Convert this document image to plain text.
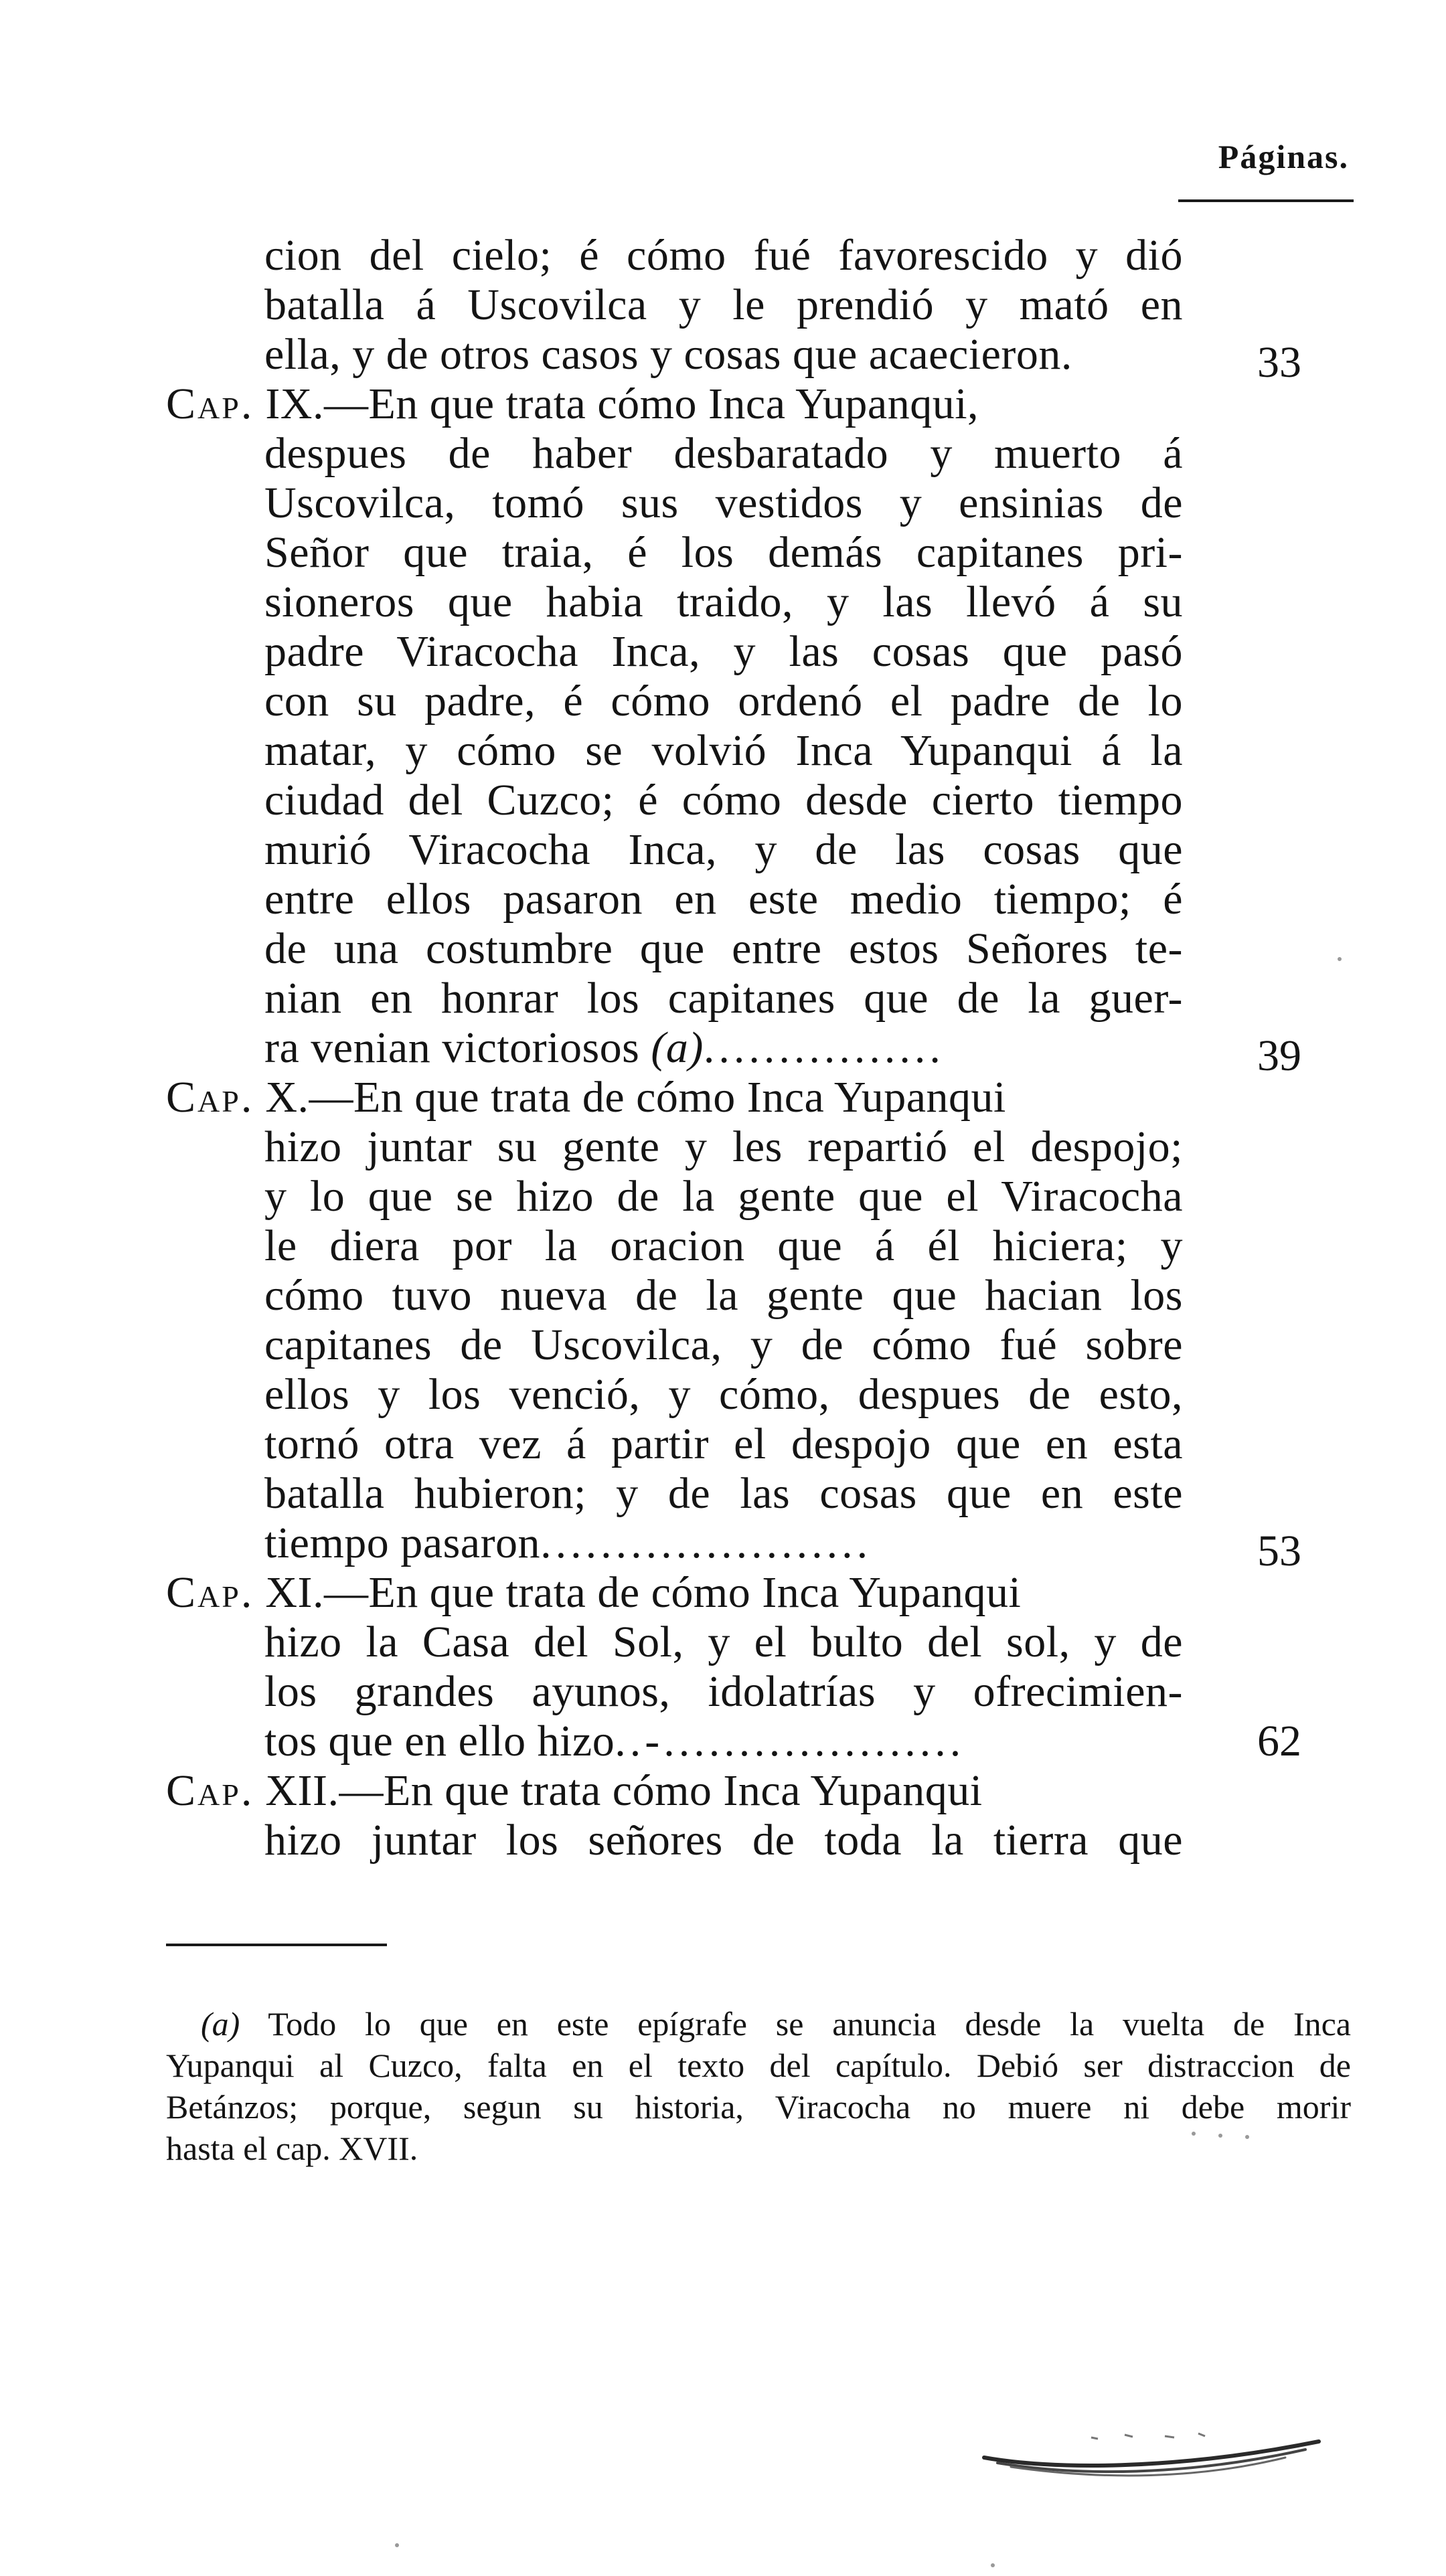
Páginas.
cion del cielo; é cómo fué favorescido y dió
batalla á Uscovilca y le prendió y mató en
ella, y de otros casos y cosas que acaecieron.	33
Cap. IX.—En que trata cómo Inca Yupanqui,
despues de haber desbaratado y muerto á
Uscovilca, tomó sus vestidos y ensinias de
Señor que traia, é los demás capitanes pri-
sioneros que habia traido, y las llevó á su
padre Viracocha Inca, y las cosas que pasó
con su padre, é cómo ordenó el padre de lo
matar, y cómo se volvió Inca Yupanqui á la
ciudad del Cuzco; é cómo desde cierto tiempo
murió Viracocha Inca, y de las cosas que
entre ellos pasaron en este medio tiempo; é
de una costumbre que entre estos Señores te-
nian en honrar los capitanes que de la guer-
ra venian victoriosos (a)................	39
Cap. X.—En que trata de cómo Inca Yupanqui
hizo juntar su gente y les repartió el despojo;
y lo que se hizo de la gente que el Viracocha
le diera por la oracion que á él hiciera; y
cómo tuvo nueva de la gente que hacian los
capitanes de Uscovilca, y de cómo fué sobre
ellos y los venció, y cómo, despues de esto,
tornó otra vez á partir el despojo que en esta
batalla hubieron; y de las cosas que en este
tiempo pasaron......................	53
Cap. XI.—En que trata de cómo Inca Yupanqui
hizo la Casa del Sol, y el bulto del sol, y de
los grandes ayunos, idolatrías y ofrecimien-
tos que en ello hizo..-....................	62
Cap. XII.—En que trata cómo Inca Yupanqui
hizo juntar los señores de toda la tierra que
(a) Todo lo que en este epígrafe se anuncia desde la vuelta de Inca
Yupanqui al Cuzco, falta en el texto del capítulo. Debió ser distraccion de
Betánzos; porque, segun su historia, Viracocha no muere ni debe morir
hasta el cap. XVII.
